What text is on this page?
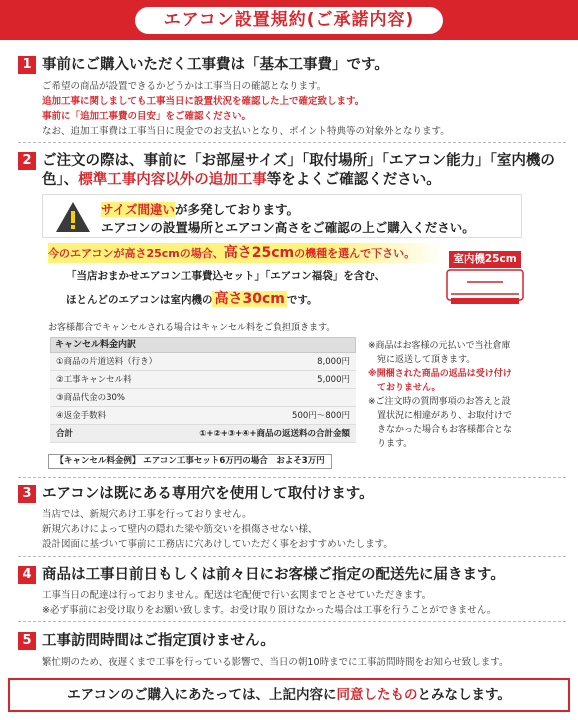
エアコン設置規約(ご承諾内容)
1 事前にご購入いただく工事費は「基本工事費」です。

ご希望の商品が設置できるかどうかは工事当日の確認となります。

追加工事に関しましても工事当日に設置状況を確認した上で確定致します。

事前に「追加工事費の目安」をご確認ください。

なお、追加工事費は工事当日に現金でのお支払いとなり、ポイント特典等の対象外となります。

2 ご注文の際は、事前に「お部屋サイズ」「取付場所」「エアコン能力」「室内機の
色」、標準工事内容以外の追加工事等をよくご確認ください。
サイズ間違いが多発しております。
エアコンの設置場所とエアコン高さをご確認の上ご購入ください。
今のエアコンが高さ25cmの場合、高さ25cmの機種を選んで下さい。
「当店おまかせエアコン工事費込セット」「エアコン福袋」を含む、
ほとんどのエアコンは室内機の 高さ30cm です。
室内機25cm
お客様都合でキャンセルされる場合はキャンセル料をご負担頂きます。
キャンセル料金内訳
①商品の片道送料（行き）	8,000円
②工事キャンセル料	5,000円
③商品代金の30%
④返金手数料	500円〜800円
合計	①+②+③+④+商品の返送料の合計金額
【キャンセル料金例】 エアコン工事セット6万円の場合　およそ3万円

※商品はお客様の元払いで当社倉庫

宛に返送して頂きます。

※開梱された商品の返品は受け付け

ておりません。

※ご注文時の質問事項のお答えと設

置状況に相違があり、お取付けで

きなかった場合もお客様都合とな

ります。

3 エアコンは既にある専用穴を使用して取付けます。

当店では、新規穴あけ工事を行っておりません。

新規穴あけによって壁内の隠れた梁や筋交いを損傷させない様、

設計図面に基づいて事前に工務店に穴あけしていただく事をおすすめいたします。

4 商品は工事日前日もしくは前々日にお客様ご指定の配送先に届きます。

工事当日の配達は行っておりません。配送は宅配便で行い玄関までとさせていただきます。

※必ず事前にお受け取りをお願い致します。お受け取り頂けなかった場合は工事を行うことができません。

5 工事訪問時間はご指定頂けません。

繁忙期のため、夜遅くまで工事を行っている影響で、当日の朝10時までに工事訪問時間をお知らせ致します。

エアコンのご購入にあたっては、上記内容に同意したものとみなします。
